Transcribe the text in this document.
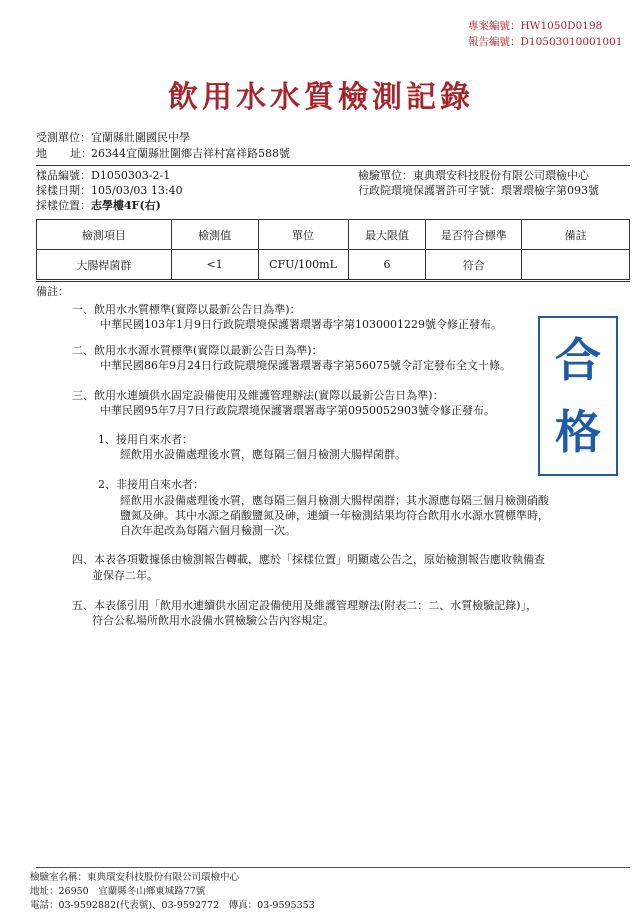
專案編號：HW1050D0198
報告編號：D10503010001001
飲用水水質檢測記錄
受測單位： 宜蘭縣壯圍國民中學
地 址： 26344宜蘭縣壯圍鄉吉祥村富祥路588號
樣品編號：D1050303-2-1
採樣日期：105/03/03 13:40
採樣位置： 志學樓4F(右)
檢驗單位：東典環安科技股份有限公司環檢中心
行政院環境保護署許可字號：環署環檢字第093號
檢測項目	檢測值	單位	最大限值	是否符合標準	備註
大腸桿菌群	<1	CFU/100mL	6	符合	
備註：
一、飲用水水質標準(實際以最新公告日為準)：
中華民國103年1月9日行政院環境保護署環署毒字第1030001229號令修正發布。
二、飲用水水源水質標準(實際以最新公告日為準)：
中華民國86年9月24日行政院環境保護署環署毒字第56075號令訂定發布全文十條。
三、飲用水連續供水固定設備使用及維護管理辦法(實際以最新公告日為準)：
中華民國95年7月7日行政院環境保護署環署毒字第0950052903號令修正發布。
1、接用自來水者：
經飲用水設備處理後水質，應每隔三個月檢測大腸桿菌群。
2、非接用自來水者：
經飲用水設備處理後水質，應每隔三個月檢測大腸桿菌群；其水源應每隔三個月檢測硝酸
鹽氮及砷。其中水源之硝酸鹽氮及砷，連續一年檢測結果均符合飲用水水源水質標準時，
自次年起改為每隔六個月檢測一次。
四、本表各項數據係由檢測報告轉載，應於「採樣位置」明顯處公告之，原始檢測報告應收執備查
並保存二年。
五、本表係引用「飲用水連續供水固定設備使用及維護管理辦法(附表二：二、水質檢驗記錄)」，
符合公私場所飲用水設備水質檢驗公告內容規定。
合
格
檢驗室名稱：東典環安科技股份有限公司環檢中心
地址：26950　宜蘭縣冬山鄉東城路77號
電話：03-9592882(代表號)、03-9592772　傳真：03-9595353
